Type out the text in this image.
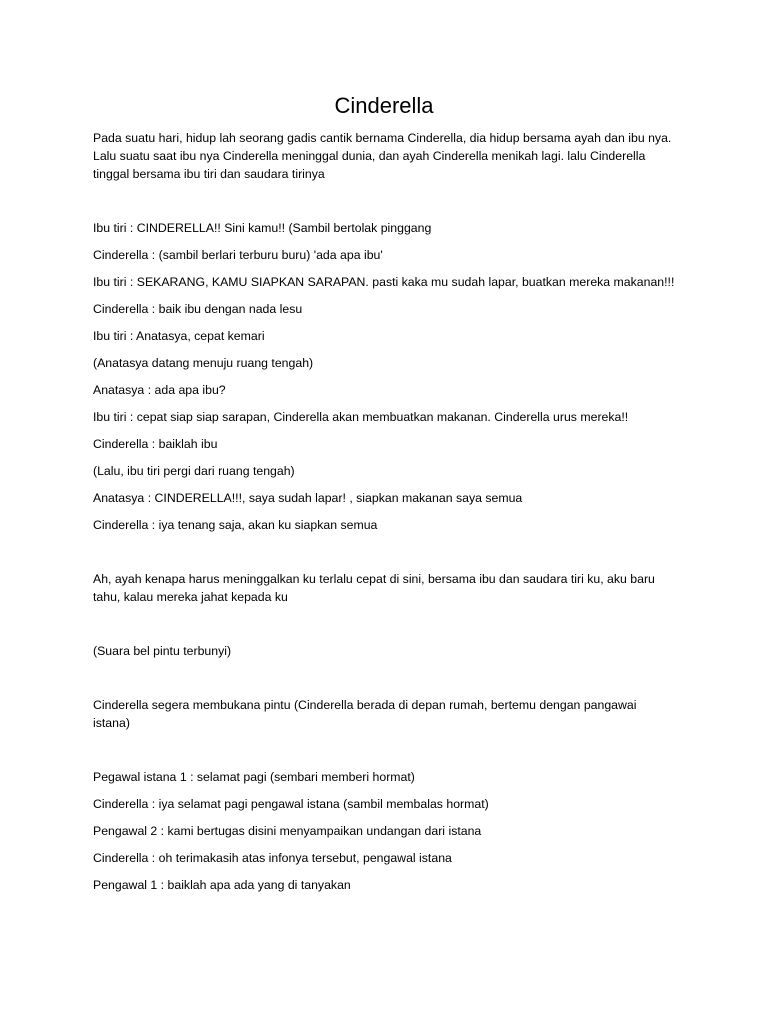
Cinderella

Pada suatu hari, hidup lah seorang gadis cantik bernama Cinderella, dia hidup bersama ayah dan ibu nya. Lalu suatu saat ibu nya Cinderella meninggal dunia, dan ayah Cinderella menikah lagi. lalu Cinderella tinggal bersama ibu tiri dan saudara tirinya

Ibu tiri : CINDERELLA!! Sini kamu!! (Sambil bertolak pinggang

Cinderella : (sambil berlari terburu buru) 'ada apa ibu'

Ibu tiri : SEKARANG, KAMU SIAPKAN SARAPAN. pasti kaka mu sudah lapar, buatkan mereka makanan!!!

Cinderella : baik ibu dengan nada lesu

Ibu tiri : Anatasya, cepat kemari

(Anatasya datang menuju ruang tengah)

Anatasya : ada apa ibu?

Ibu tiri : cepat siap siap sarapan, Cinderella akan membuatkan makanan. Cinderella urus mereka!!

Cinderella : baiklah ibu

(Lalu, ibu tiri pergi dari ruang tengah)

Anatasya : CINDERELLA!!!, saya sudah lapar! , siapkan makanan saya semua

Cinderella : iya tenang saja, akan ku siapkan semua

Ah, ayah kenapa harus meninggalkan ku terlalu cepat di sini, bersama ibu dan saudara tiri ku, aku baru tahu, kalau mereka jahat kepada ku

(Suara bel pintu terbunyi)

Cinderella segera membukana pintu (Cinderella berada di depan rumah, bertemu dengan pangawai istana)

Pegawal istana 1 : selamat pagi (sembari memberi hormat)

Cinderella : iya selamat pagi pengawal istana (sambil membalas hormat)

Pengawal 2 : kami bertugas disini menyampaikan undangan dari istana

Cinderella : oh terimakasih atas infonya tersebut, pengawal istana

Pengawal 1 : baiklah apa ada yang di tanyakan
